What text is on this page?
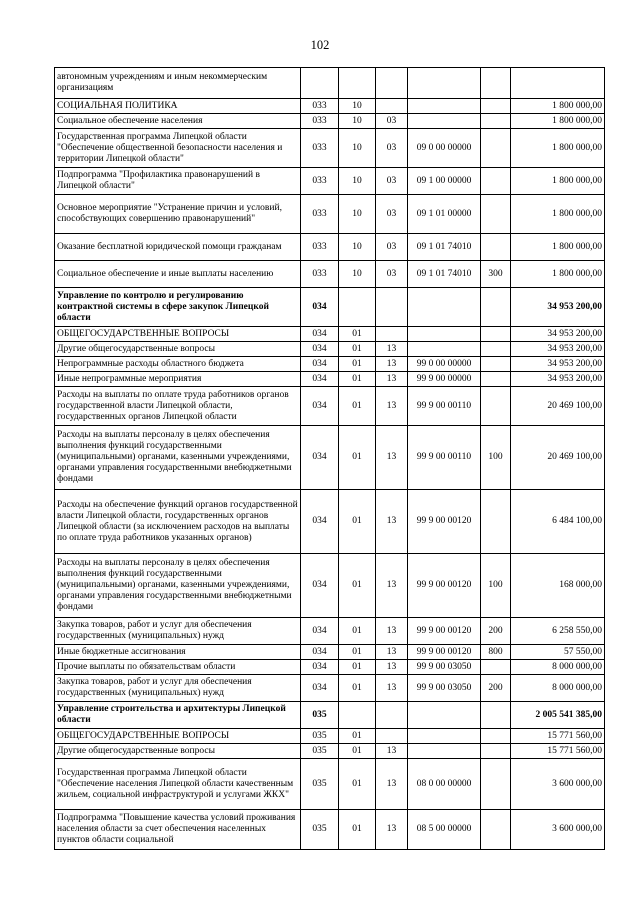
102
автономным учреждениям и иным некоммерческим организациям						
СОЦИАЛЬНАЯ ПОЛИТИКА	033	10				1 800 000,00
Социальное обеспечение населения	033	10	03			1 800 000,00
Государственная программа Липецкой области "Обеспечение общественной безопасности населения и территории Липецкой области"	033	10	03	09 0 00 00000		1 800 000,00
Подпрограмма "Профилактика правонарушений в Липецкой области"	033	10	03	09 1 00 00000		1 800 000,00
Основное мероприятие "Устранение причин и условий, способствующих совершению правонарушений"	033	10	03	09 1 01 00000		1 800 000,00
Оказание бесплатной юридической помощи гражданам	033	10	03	09 1 01 74010		1 800 000,00
Социальное обеспечение и иные выплаты населению	033	10	03	09 1 01 74010	300	1 800 000,00
Управление по контролю и регулированию контрактной системы в сфере закупок Липецкой области	034					34 953 200,00
ОБЩЕГОСУДАРСТВЕННЫЕ ВОПРОСЫ	034	01				34 953 200,00
Другие общегосударственные вопросы	034	01	13			34 953 200,00
Непрограммные расходы областного бюджета	034	01	13	99 0 00 00000		34 953 200,00
Иные непрограммные мероприятия	034	01	13	99 9 00 00000		34 953 200,00
Расходы на выплаты по оплате труда работников органов государственной власти Липецкой области, государственных органов Липецкой области	034	01	13	99 9 00 00110		20 469 100,00
Расходы на выплаты персоналу в целях обеспечения выполнения функций государственными (муниципальными) органами, казенными учреждениями, органами управления государственными внебюджетными фондами	034	01	13	99 9 00 00110	100	20 469 100,00
Расходы на обеспечение функций органов государственной власти Липецкой области, государственных органов Липецкой области (за исключением расходов на выплаты по оплате труда работников указанных органов)	034	01	13	99 9 00 00120		6 484 100,00
Расходы на выплаты персоналу в целях обеспечения выполнения функций государственными (муниципальными) органами, казенными учреждениями, органами управления государственными внебюджетными фондами	034	01	13	99 9 00 00120	100	168 000,00
Закупка товаров, работ и услуг для обеспечения государственных (муниципальных) нужд	034	01	13	99 9 00 00120	200	6 258 550,00
Иные бюджетные ассигнования	034	01	13	99 9 00 00120	800	57 550,00
Прочие выплаты по обязательствам области	034	01	13	99 9 00 03050		8 000 000,00
Закупка товаров, работ и услуг для обеспечения государственных (муниципальных) нужд	034	01	13	99 9 00 03050	200	8 000 000,00
Управление строительства и архитектуры Липецкой области	035					2 005 541 385,00
ОБЩЕГОСУДАРСТВЕННЫЕ ВОПРОСЫ	035	01				15 771 560,00
Другие общегосударственные вопросы	035	01	13			15 771 560,00
Государственная программа Липецкой области "Обеспечение населения Липецкой области качественным жильем, социальной инфраструктурой и услугами ЖКХ"	035	01	13	08 0 00 00000		3 600 000,00
Подпрограмма "Повышение качества условий проживания населения области за счет обеспечения населенных пунктов области социальной	035	01	13	08 5 00 00000		3 600 000,00
